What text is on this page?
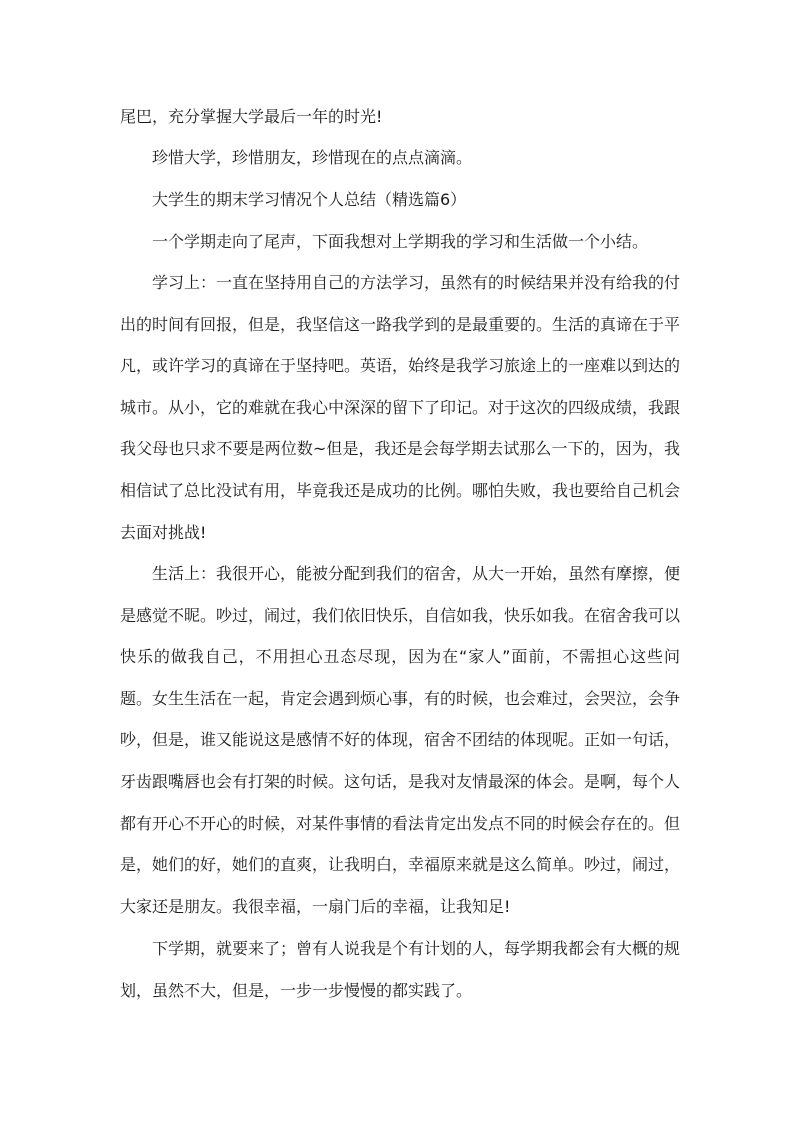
尾巴，充分掌握大学最后一年的时光!

珍惜大学，珍惜朋友，珍惜现在的点点滴滴。

大学生的期末学习情况个人总结（精选篇6）

一个学期走向了尾声，下面我想对上学期我的学习和生活做一个小结。

学习上：一直在坚持用自己的方法学习，虽然有的时候结果并没有给我的付出的时间有回报，但是，我坚信这一路我学到的是最重要的。生活的真谛在于平凡，或许学习的真谛在于坚持吧。英语，始终是我学习旅途上的一座难以到达的城市。从小，它的难就在我心中深深的留下了印记。对于这次的四级成绩，我跟我父母也只求不要是两位数~但是，我还是会每学期去试那么一下的，因为，我相信试了总比没试有用，毕竟我还是成功的比例。哪怕失败，我也要给自己机会去面对挑战!

生活上：我很开心，能被分配到我们的宿舍，从大一开始，虽然有摩擦，便是感觉不昵。吵过，闹过，我们依旧快乐，自信如我，快乐如我。在宿舍我可以快乐的做我自己，不用担心丑态尽现，因为在“家人”面前，不需担心这些问题。女生生活在一起，肯定会遇到烦心事，有的时候，也会难过，会哭泣，会争吵，但是，谁又能说这是感情不好的体现，宿舍不团结的体现呢。正如一句话，牙齿跟嘴唇也会有打架的时候。这句话，是我对友情最深的体会。是啊，每个人都有开心不开心的时候，对某件事情的看法肯定出发点不同的时候会存在的。但是，她们的好，她们的直爽，让我明白，幸福原来就是这么简单。吵过，闹过，大家还是朋友。我很幸福，一扇门后的幸福，让我知足!

下学期，就要来了；曾有人说我是个有计划的人，每学期我都会有大概的规划，虽然不大，但是，一步一步慢慢的都实践了。
